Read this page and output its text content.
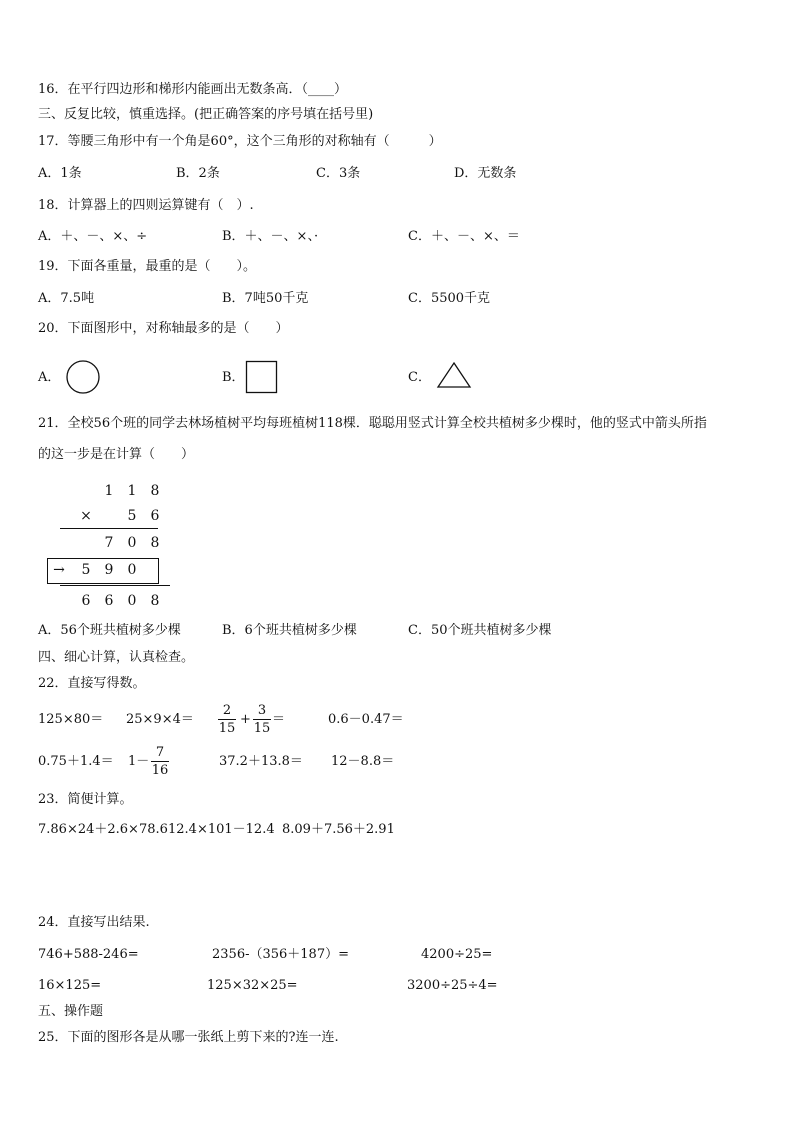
16．在平行四边形和梯形内能画出无数条高．（____）
三、反复比较，慎重选择。(把正确答案的序号填在括号里)
17．等腰三角形中有一个角是60°，这个三角形的对称轴有（　　　）
A．1条	B．2条	C．3条	D．无数条
18．计算器上的四则运算键有（　）.
A．＋、－、×、÷	B．＋、－、×、·	C．＋、－、×、＝
19．下面各重量，最重的是（　　）。
A．7.5吨	B．7吨50千克	C．5500千克
20．下面图形中，对称轴最多的是（　　）
A．	B．	C．
21．全校56个班的同学去林场植树平均每班植树118棵．聪聪用竖式计算全校共植树多少棵时，他的竖式中箭头所指
的这一步是在计算（　　）
1 1 8
×	5 6
7 0 8
→ 5 9 0
6 6 0 8
A．56个班共植树多少棵	B．6个班共植树多少棵	C．50个班共植树多少棵
四、细心计算，认真检查。
22．直接写得数。
125×80＝ 25×9×4＝
2
15
+
3
15
＝	0.6－0.47＝
0.75＋1.4＝ 1－
7
16
37.2＋13.8＝ 12－8.8＝
23．简便计算。
7.86×24＋2.6×78.6 12.4×101－12.4 8.09＋7.56＋2.91
24．直接写出结果.
746+588-246=	2356-（356＋187）=	4200÷25=
16×125=	125×32×25=	3200÷25÷4=
五、操作题
25．下面的图形各是从哪一张纸上剪下来的?连一连.
